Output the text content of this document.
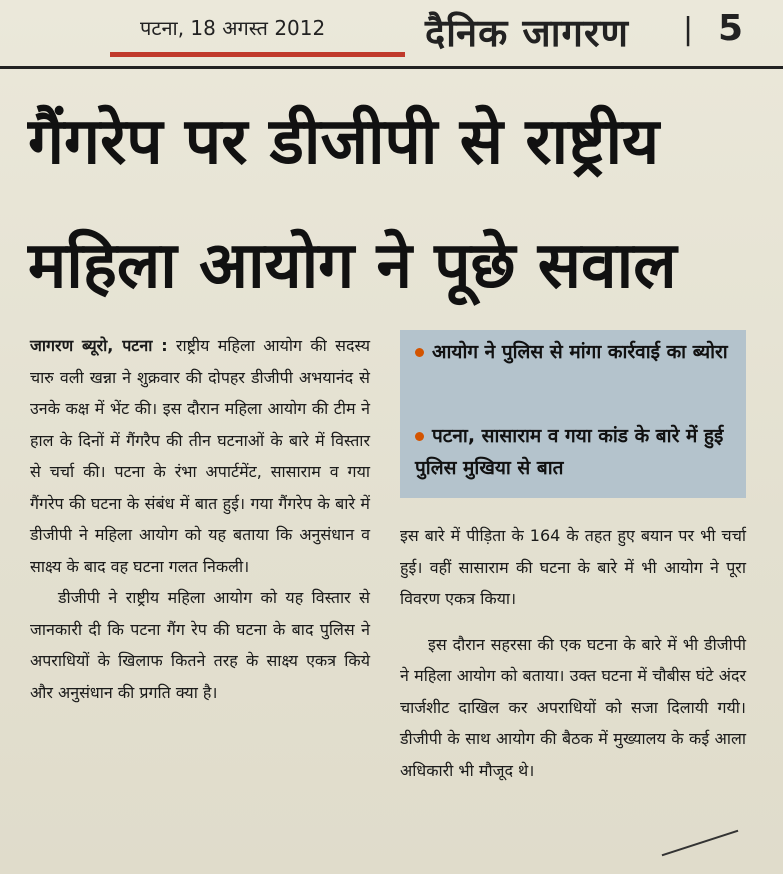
पटना, 18 अगस्त 2012	दैनिक जागरण | 5
गैंगरेप पर डीजीपी से राष्ट्रीय
महिला आयोग ने पूछे सवाल

जागरण ब्यूरो, पटना : राष्ट्रीय महिला आयोग की सदस्य चारु वली खन्ना ने शुक्रवार की दोपहर डीजीपी अभयानंद से उनके कक्ष में भेंट की। इस दौरान महिला आयोग की टीम ने हाल के दिनों में गैंगरैप की तीन घटनाओं के बारे में विस्तार से चर्चा की। पटना के रंभा अपार्टमेंट, सासाराम व गया गैंगरेप की घटना के संबंध में बात हुई। गया गैंगरेप के बारे में डीजीपी ने महिला आयोग को यह बताया कि अनुसंधान व साक्ष्य के बाद वह घटना गलत निकली।

डीजीपी ने राष्ट्रीय महिला आयोग को यह विस्तार से जानकारी दी कि पटना गैंग रेप की घटना के बाद पुलिस ने अपराधियों के खिलाफ कितने तरह के साक्ष्य एकत्र किये और अनुसंधान की प्रगति क्या है।

आयोग ने पुलिस से मांगा कार्रवाई का ब्योरा
पटना, सासाराम व गया कांड के बारे में हुई पुलिस मुखिया से बात

इस बारे में पीड़िता के 164 के तहत हुए बयान पर भी चर्चा हुई। वहीं सासाराम की घटना के बारे में भी आयोग ने पूरा विवरण एकत्र किया।

इस दौरान सहरसा की एक घटना के बारे में भी डीजीपी ने महिला आयोग को बताया। उक्त घटना में चौबीस घंटे अंदर चार्जशीट दाखिल कर अपराधियों को सजा दिलायी गयी। डीजीपी के साथ आयोग की बैठक में मुख्यालय के कई आला अधिकारी भी मौजूद थे।
